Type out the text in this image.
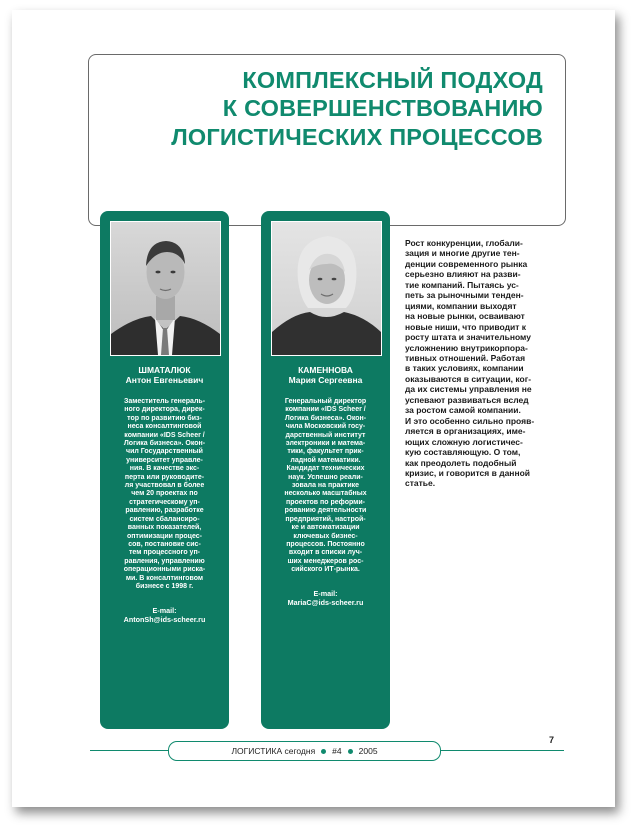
КОМПЛЕКСНЫЙ ПОДХОД
К СОВЕРШЕНСТВОВАНИЮ
ЛОГИСТИЧЕСКИХ ПРОЦЕССОВ
ШМАТАЛЮК
Антон Евгеньевич
Заместитель генераль-
ного директора, дирек-
тор по развитию биз-
неса консалтинговой
компании «IDS Scheer /
Логика бизнеса». Окон-
чил Государственный
университет управле-
ния. В качестве экс-
перта или руководите-
ля участвовал в более
чем 20 проектах по
стратегическому уп-
равлению, разработке
систем сбалансиро-
ванных показателей,
оптимизации процес-
сов, постановке сис-
тем процессного уп-
равления, управлению
операционными риска-
ми. В консалтинговом
бизнесе с 1998 г.
E-mail:
AntonSh@ids-scheer.ru
КАМЕННОВА
Мария Сергеевна
Генеральный директор
компании «IDS Scheer /
Логика бизнеса». Окон-
чила Московский госу-
дарственный институт
электроники и матема-
тики, факультет прик-
ладной математики.
Кандидат технических
наук. Успешно реали-
зовала на практике
несколько масштабных
проектов по реформи-
рованию деятельности
предприятий, настрой-
ке и автоматизации
ключевых бизнес-
процессов. Постоянно
входит в списки луч-
ших менеджеров рос-
сийского ИТ-рынка.
E-mail:
MariaC@ids-scheer.ru
Рост конкуренции, глобали-
зация и многие другие тен-
денции современного рынка
серьезно влияют на разви-
тие компаний. Пытаясь ус-
петь за рыночными тенден-
циями, компании выходят
на новые рынки, осваивают
новые ниши, что приводит к
росту штата и значительному
усложнению внутрикорпора-
тивных отношений. Работая
в таких условиях, компании
оказываются в ситуации, ког-
да их системы управления не
успевают развиваться вслед
за ростом самой компании.
И это особенно сильно прояв-
ляется в организациях, име-
ющих сложную логистичес-
кую составляющую. О том,
как преодолеть подобный
кризис, и говорится в данной
статье.
ЛОГИСТИКА сегодня #4 2005
7
